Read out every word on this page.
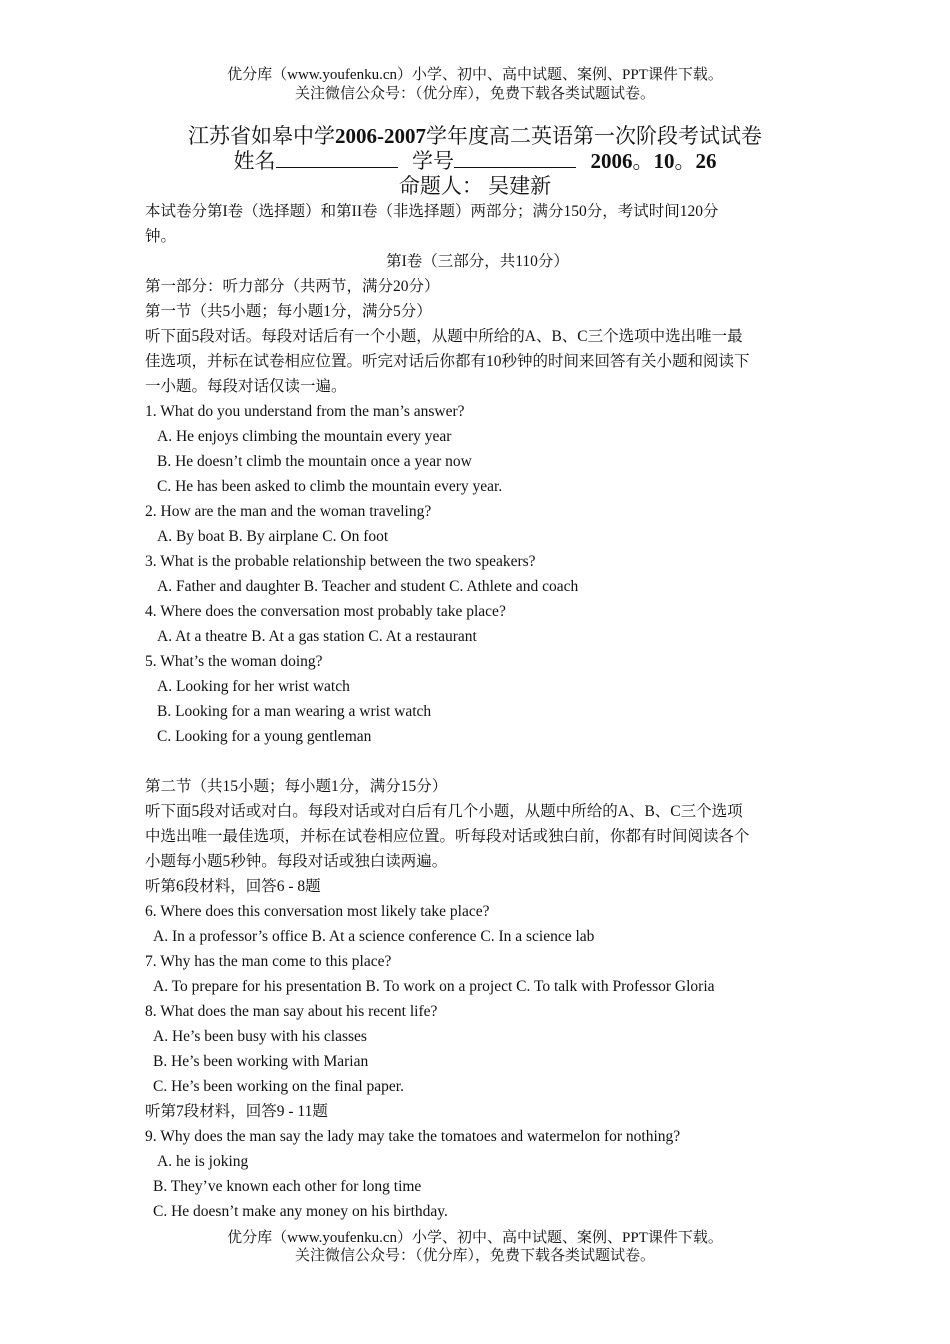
优分库（www.youfenku.cn）小学、初中、高中试题、案例、PPT课件下载。
关注微信公众号：（优分库），免费下载各类试题试卷。
江苏省如皋中学2006-2007学年度高二英语第一次阶段考试试卷
姓名	学号	2006。10。26
命题人： 吴建新
本试卷分第I卷（选择题）和第II卷（非选择题）两部分；满分150分，考试时间120分
钟。
第I卷（三部分，共110分）
第一部分：听力部分（共两节，满分20分）
第一节（共5小题；每小题1分，满分5分）
听下面5段对话。每段对话后有一个小题，从题中所给的A、B、C三个选项中选出唯一最
佳选项，并标在试卷相应位置。听完对话后你都有10秒钟的时间来回答有关小题和阅读下
一小题。每段对话仅读一遍。
1. What do you understand from the man’s answer?
A. He enjoys climbing the mountain every year
B. He doesn’t climb the mountain once a year now
C. He has been asked to climb the mountain every year.
2. How are the man and the woman traveling?
A. By boat B. By airplane C. On foot
3. What is the probable relationship between the two speakers?
A. Father and daughter B. Teacher and student C. Athlete and coach
4. Where does the conversation most probably take place?
A. At a theatre B. At a gas station C. At a restaurant
5. What’s the woman doing?
A. Looking for her wrist watch
B. Looking for a man wearing a wrist watch
C. Looking for a young gentleman
第二节（共15小题；每小题1分，满分15分）
听下面5段对话或对白。每段对话或对白后有几个小题，从题中所给的A、B、C三个选项
中选出唯一最佳选项，并标在试卷相应位置。听每段对话或独白前，你都有时间阅读各个
小题每小题5秒钟。每段对话或独白读两遍。
听第6段材料，回答6 - 8题
6. Where does this conversation most likely take place?
A. In a professor’s office B. At a science conference C. In a science lab
7. Why has the man come to this place?
A. To prepare for his presentation B. To work on a project C. To talk with Professor Gloria
8. What does the man say about his recent life?
A. He’s been busy with his classes
B. He’s been working with Marian
C. He’s been working on the final paper.
听第7段材料，回答9 - 11题
9. Why does the man say the lady may take the tomatoes and watermelon for nothing?
A. he is joking
B. They’ve known each other for long time
C. He doesn’t make any money on his birthday.
优分库（www.youfenku.cn）小学、初中、高中试题、案例、PPT课件下载。
关注微信公众号：（优分库），免费下载各类试题试卷。
